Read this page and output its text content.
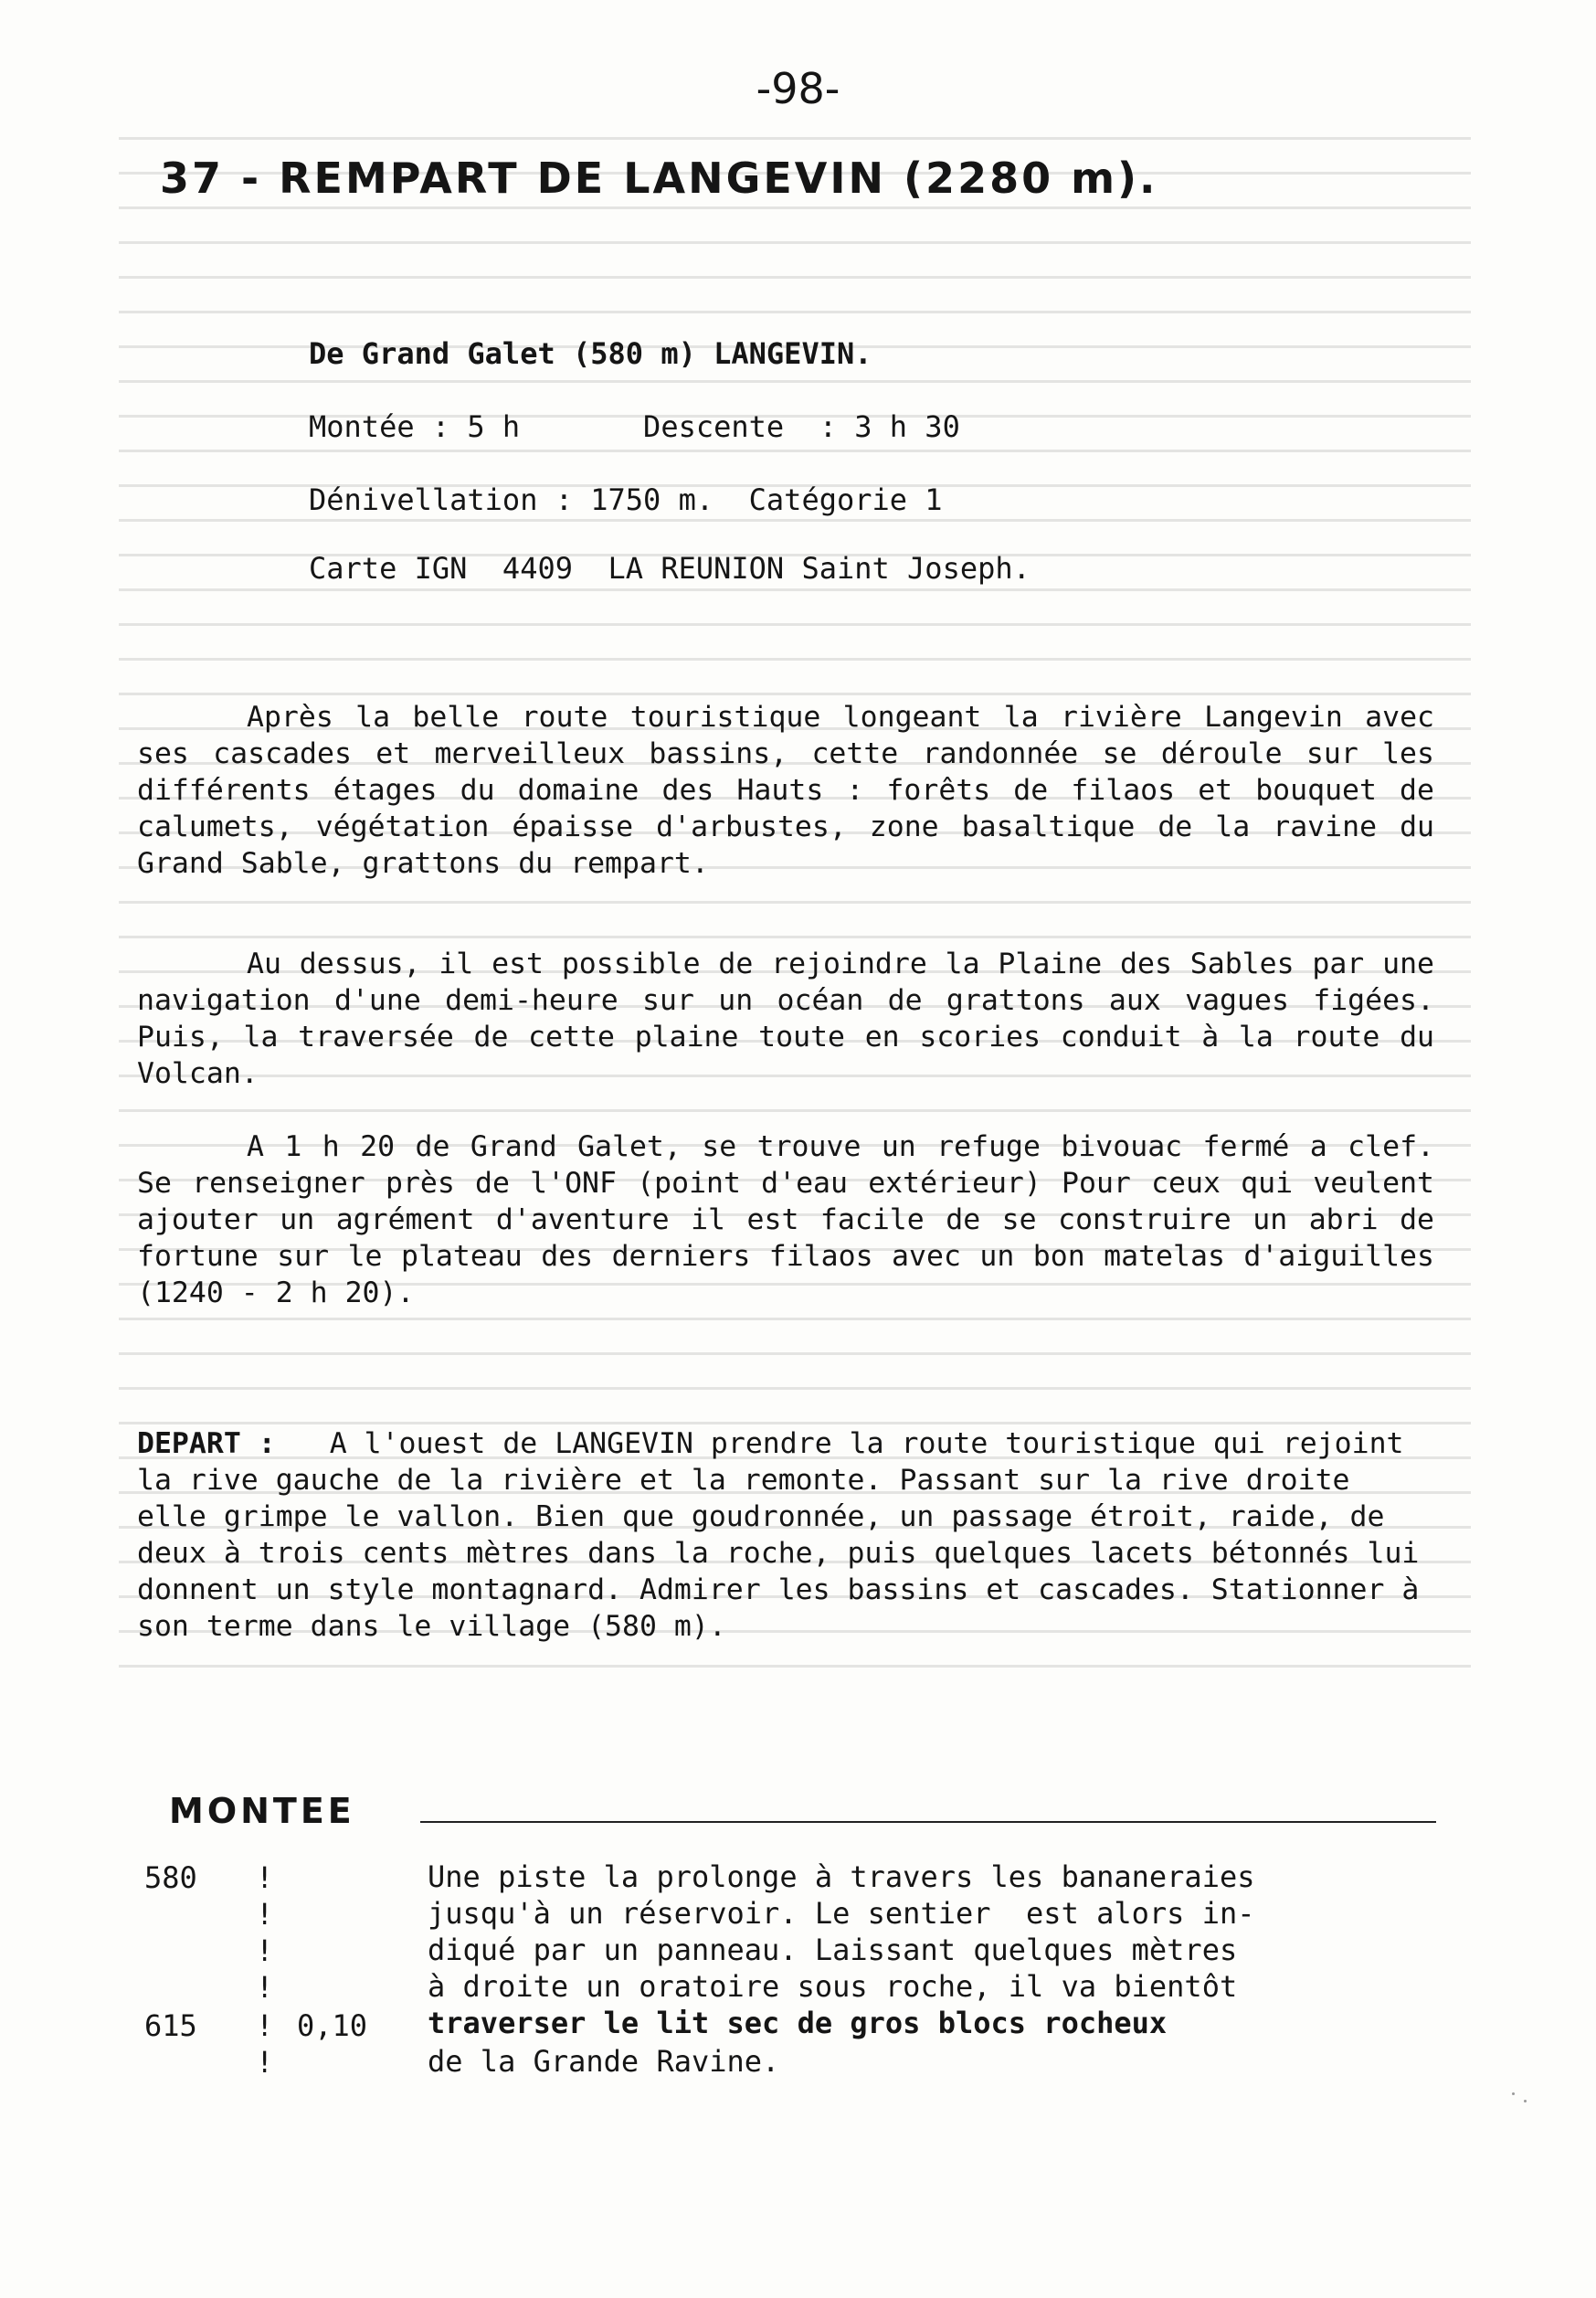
-98-
37 - REMPART DE LANGEVIN (2280 m).
De Grand Galet (580 m) LANGEVIN.
Montée : 5 h       Descente  : 3 h 30
Dénivellation : 1750 m.  Catégorie 1
Carte IGN  4409  LA REUNION Saint Joseph.
Après la belle route touristique longeant la rivière Langevin avec ses cascades et merveilleux bassins, cette randonnée se déroule sur les différents étages du domaine des Hauts : forêts de filaos et bouquet de calumets, végétation épaisse d'arbustes, zone basaltique de la ravine du Grand Sable, grattons du rempart.
Au dessus, il est possible de rejoindre la Plaine des Sables par une navigation d'une demi-heure sur un océan de grattons aux vagues figées. Puis, la traversée de cette plaine toute en scories conduit à la route du Volcan.
A 1 h 20 de Grand Galet, se trouve un refuge bivouac fermé a clef. Se renseigner près de l'ONF (point d'eau extérieur) Pour ceux qui veulent ajouter un agrément d'aventure il est facile de se construire un abri de fortune sur le plateau des derniers filaos avec un bon matelas d'aiguilles (1240 - 2 h 20).
DEPART : A l'ouest de LANGEVIN prendre la route touristique qui rejoint la rive gauche de la rivière et la remonte. Passant sur la rive droite elle grimpe le vallon. Bien que goudronnée, un passage étroit, raide, de deux à trois cents mètres dans la roche, puis quelques lacets bétonnés lui donnent un style montagnard. Admirer les bassins et cascades. Stationner à son terme dans le village (580 m).
MONTEE
580 !	Une piste la prolonge à travers les bananeraies
!	jusqu'à un réservoir. Le sentier  est alors in-
!	diqué par un panneau. Laissant quelques mètres
!	à droite un oratoire sous roche, il va bientôt
615 ! 0,10 traverser le lit sec de gros blocs rocheux
!	de la Grande Ravine.
